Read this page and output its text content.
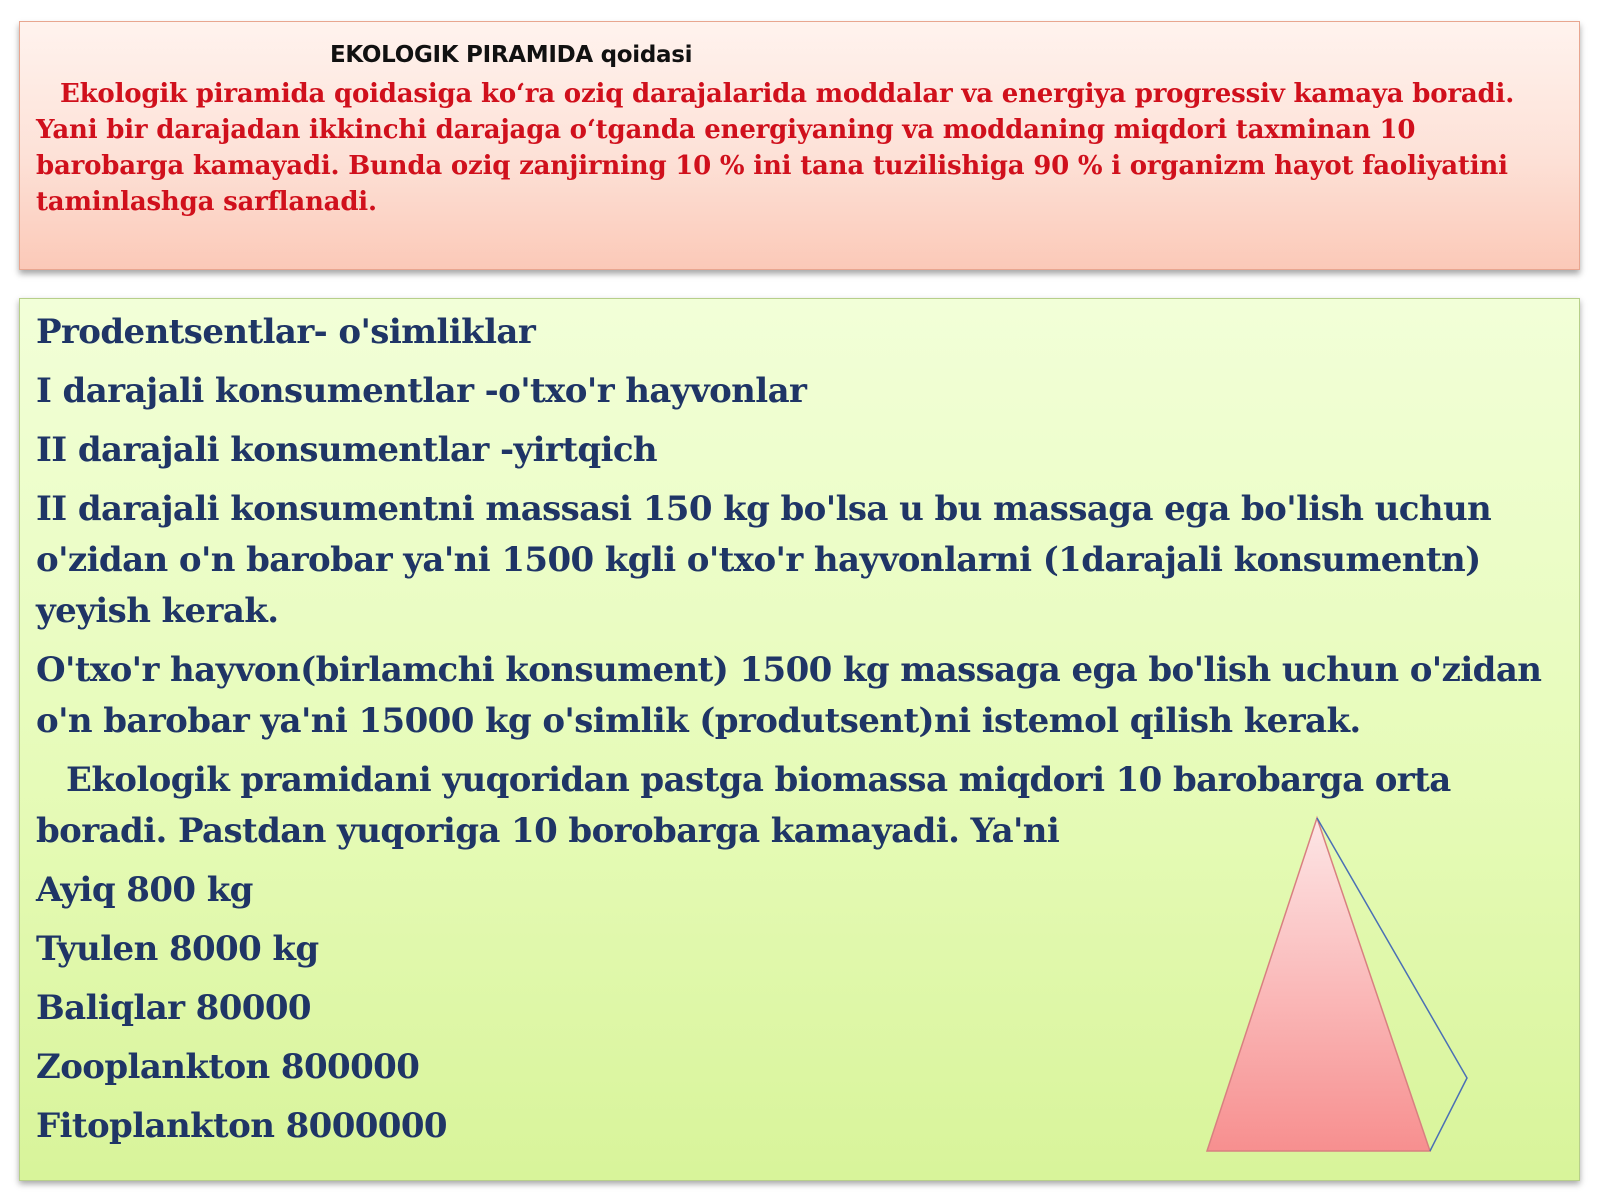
EKOLOGIK PIRAMIDA qoidasi

Ekologik piramida qoidasiga ko‘ra oziq darajalarida moddalar va energiya progressiv kamaya boradi. Yani bir darajadan ikkinchi darajaga o‘tganda energiyaning va moddaning miqdori taxminan 10 barobarga kamayadi. Bunda oziq zanjirning 10 % ini tana tuzilishiga 90 % i organizm hayot faoliyatini taminlashga sarflanadi.

Prodentsentlar- o'simliklar

I darajali konsumentlar -o'txo'r hayvonlar

II darajali konsumentlar -yirtqich

II darajali konsumentni massasi 150 kg bo'lsa u bu massaga ega bo'lish uchun o'zidan o'n barobar ya'ni 1500 kgli o'txo'r hayvonlarni (1darajali konsumentn) yeyish kerak.

O'txo'r hayvon(birlamchi konsument) 1500 kg massaga ega bo'lish uchun o'zidan o'n barobar ya'ni 15000 kg o'simlik (produtsent)ni istemol qilish kerak.

Ekologik pramidani yuqoridan pastga biomassa miqdori 10 barobarga orta boradi. Pastdan yuqoriga 10 borobarga kamayadi. Ya'ni

Ayiq 800 kg

Tyulen 8000 kg

Baliqlar 80000

Zooplankton 800000

Fitoplankton 8000000
